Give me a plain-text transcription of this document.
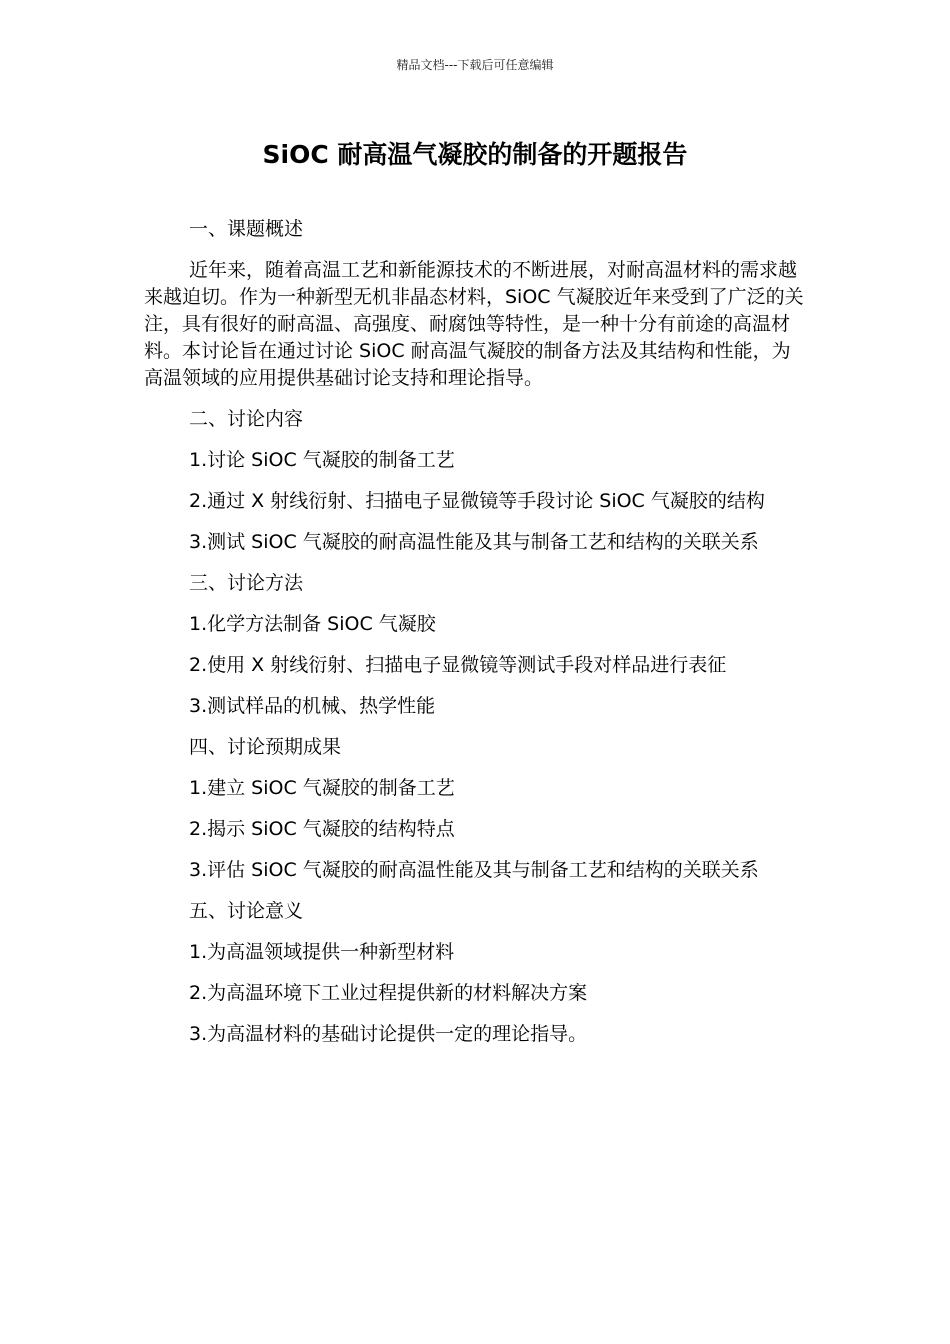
精品文档---下载后可任意编辑
SiOC 耐高温气凝胶的制备的开题报告

一、课题概述

近年来，随着高温工艺和新能源技术的不断进展，对耐高温材料的需求越来越迫切。作为一种新型无机非晶态材料，SiOC 气凝胶近年来受到了广泛的关注，具有很好的耐高温、高强度、耐腐蚀等特性，是一种十分有前途的高温材料。本讨论旨在通过讨论 SiOC 耐高温气凝胶的制备方法及其结构和性能，为高温领域的应用提供基础讨论支持和理论指导。

二、讨论内容

1.讨论 SiOC 气凝胶的制备工艺

2.通过 X 射线衍射、扫描电子显微镜等手段讨论 SiOC 气凝胶的结构

3.测试 SiOC 气凝胶的耐高温性能及其与制备工艺和结构的关联关系

三、讨论方法

1.化学方法制备 SiOC 气凝胶

2.使用 X 射线衍射、扫描电子显微镜等测试手段对样品进行表征

3.测试样品的机械、热学性能

四、讨论预期成果

1.建立 SiOC 气凝胶的制备工艺

2.揭示 SiOC 气凝胶的结构特点

3.评估 SiOC 气凝胶的耐高温性能及其与制备工艺和结构的关联关系

五、讨论意义

1.为高温领域提供一种新型材料

2.为高温环境下工业过程提供新的材料解决方案

3.为高温材料的基础讨论提供一定的理论指导。
